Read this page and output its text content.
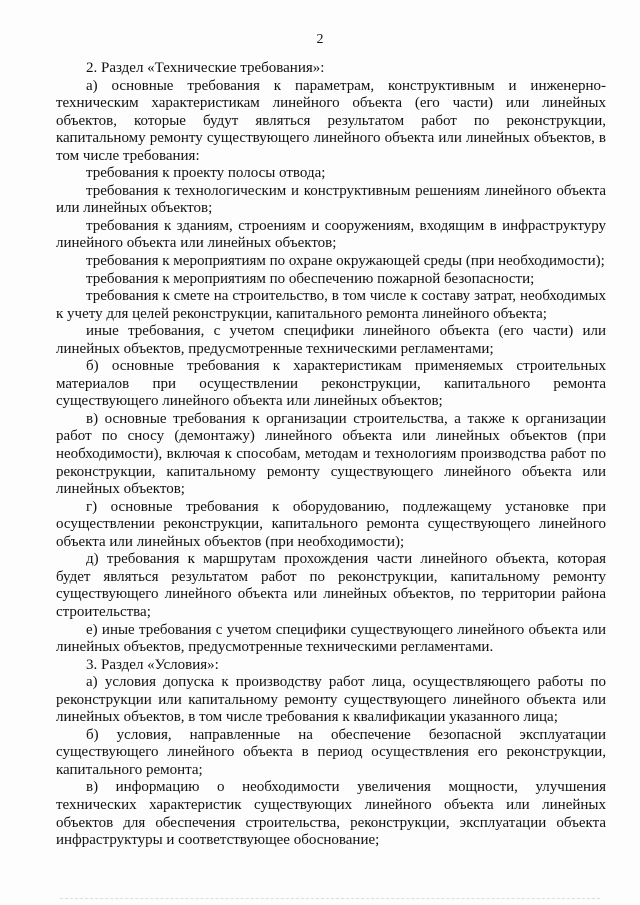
2

2. Раздел «Технические требования»:

а) основные требования к параметрам, конструктивным и инженерно-техническим характеристикам линейного объекта (его части) или линейных объектов, которые будут являться результатом работ по реконструкции, капитальному ремонту существующего линейного объекта или линейных объектов, в том числе требования:

требования к проекту полосы отвода;

требования к технологическим и конструктивным решениям линейного объекта или линейных объектов;

требования к зданиям, строениям и сооружениям, входящим в инфраструктуру линейного объекта или линейных объектов;

требования к мероприятиям по охране окружающей среды (при необходимости);

требования к мероприятиям по обеспечению пожарной безопасности;

требования к смете на строительство, в том числе к составу затрат, необходимых к учету для целей реконструкции, капитального ремонта линейного объекта;

иные требования, с учетом специфики линейного объекта (его части) или линейных объектов, предусмотренные техническими регламентами;

б) основные требования к характеристикам применяемых строительных материалов при осуществлении реконструкции, капитального ремонта существующего линейного объекта или линейных объектов;

в) основные требования к организации строительства, а также к организации работ по сносу (демонтажу) линейного объекта или линейных объектов (при необходимости), включая к способам, методам и технологиям производства работ по реконструкции, капитальному ремонту существующего линейного объекта или линейных объектов;

г) основные требования к оборудованию, подлежащему установке при осуществлении реконструкции, капитального ремонта существующего линейного объекта или линейных объектов (при необходимости);

д) требования к маршрутам прохождения части линейного объекта, которая будет являться результатом работ по реконструкции, капитальному ремонту существующего линейного объекта или линейных объектов, по территории района строительства;

е) иные требования с учетом специфики существующего линейного объекта или линейных объектов, предусмотренные техническими регламентами.

3. Раздел «Условия»:

а) условия допуска к производству работ лица, осуществляющего работы по реконструкции или капитальному ремонту существующего линейного объекта или линейных объектов, в том числе требования к квалификации указанного лица;

б) условия, направленные на обеспечение безопасной эксплуатации существующего линейного объекта в период осуществления его реконструкции, капитального ремонта;

в) информацию о необходимости увеличения мощности, улучшения технических характеристик существующих линейного объекта или линейных объектов для обеспечения строительства, реконструкции, эксплуатации объекта инфраструктуры и соответствующее обоснование;
